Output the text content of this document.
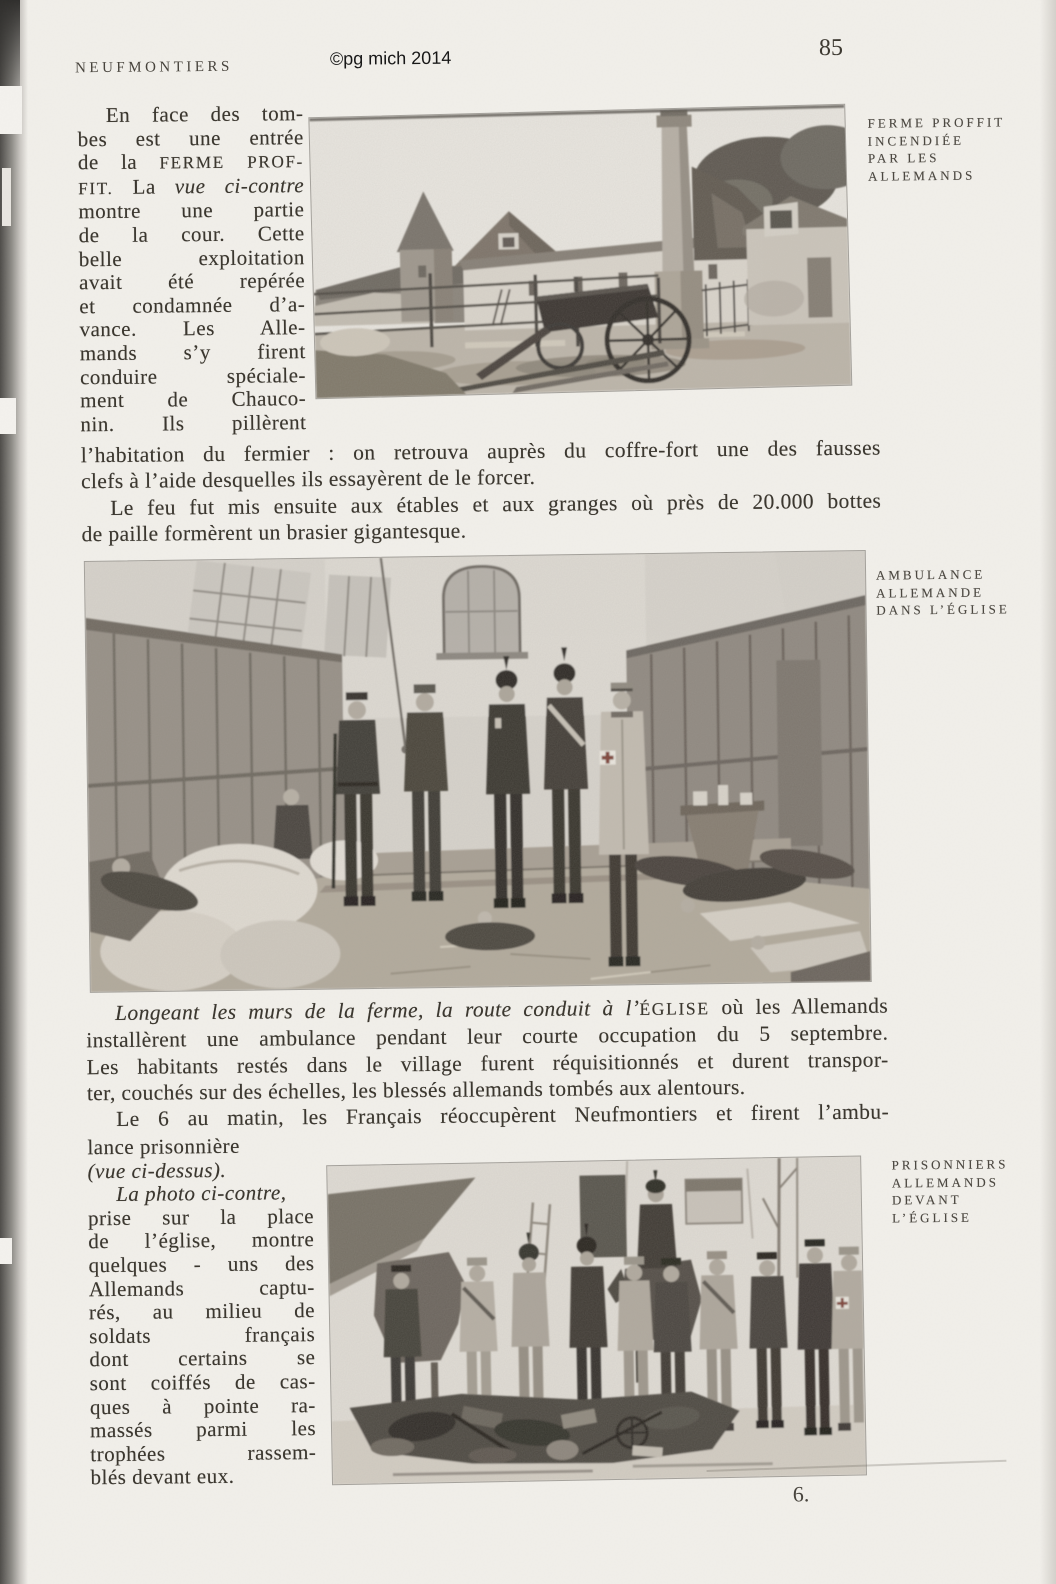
NEUFMONTIERS	©pg mich 2014	85
En face des tom-
bes est une entrée
de la FERME PROF-
FIT. La vue ci-contre
montre une partie
de la cour. Cette
belle exploitation
avait été repérée
et condamnée d’a-
vance. Les Alle-
mands s’y firent
conduire spéciale-
ment de Chauco-
nin. Ils pillèrent
FERME PROFFIT
INCENDIÉE
PAR LES
ALLEMANDS
l’habitation du fermier : on retrouva auprès du coffre-fort une des fausses
clefs à l’aide desquelles ils essayèrent de le forcer.
Le feu fut mis ensuite aux étables et aux granges où près de 20.000 bottes
de paille formèrent un brasier gigantesque.
AMBULANCE
ALLEMANDE
DANS L’ÉGLISE
Longeant les murs de la ferme, la route conduit à l’ÉGLISE où les Allemands
installèrent une ambulance pendant leur courte occupation du 5 septembre.
Les habitants restés dans le village furent réquisitionnés et durent transpor-
ter, couchés sur des échelles, les blessés allemands tombés aux alentours.
Le 6 au matin, les Français réoccupèrent Neufmontiers et firent l’ambu-
lance prisonnière
(vue ci-dessus).
La photo ci-contre,
prise sur la place
de l’église, montre
quelques - uns des
Allemands captu-
rés, au milieu de
soldats français
dont certains se
sont coiffés de cas-
ques à pointe ra-
massés parmi les
trophées rassem-
blés devant eux.
PRISONNIERS
ALLEMANDS
DEVANT
L’ÉGLISE
6.
